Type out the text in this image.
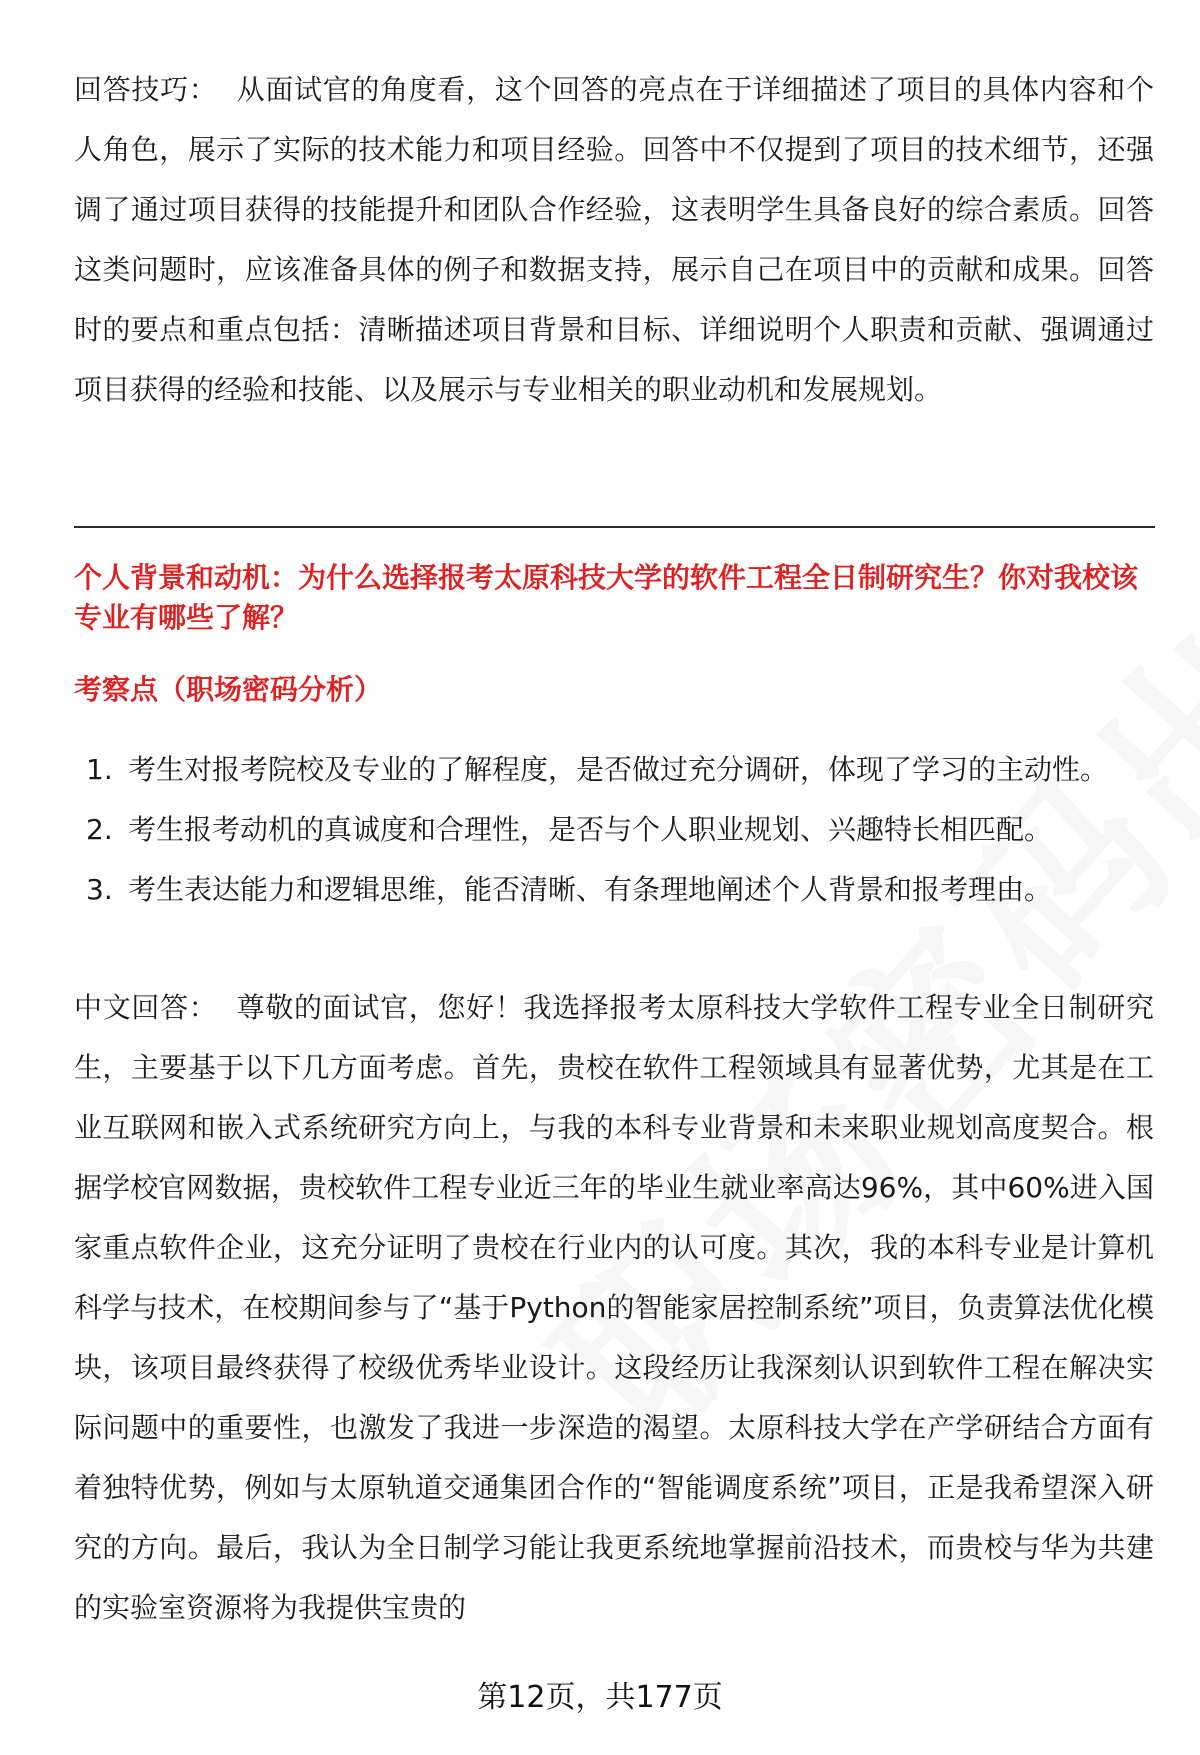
回答技巧： 从面试官的角度看，这个回答的亮点在于详细描述了项目的具体内容和个人角色，展示了实际的技术能力和项目经验。回答中不仅提到了项目的技术细节，还强调了通过项目获得的技能提升和团队合作经验，这表明学生具备良好的综合素质。回答这类问题时，应该准备具体的例子和数据支持，展示自己在项目中的贡献和成果。回答时的要点和重点包括：清晰描述项目背景和目标、详细说明个人职责和贡献、强调通过项目获得的经验和技能、以及展示与专业相关的职业动机和发展规划。

个人背景和动机：为什么选择报考太原科技大学的软件工程全日制研究生？你对我校该专业有哪些了解？

考察点（职场密码分析）

1. 考生对报考院校及专业的了解程度，是否做过充分调研，体现了学习的主动性。
2. 考生报考动机的真诚度和合理性，是否与个人职业规划、兴趣特长相匹配。
3. 考生表达能力和逻辑思维，能否清晰、有条理地阐述个人背景和报考理由。

中文回答： 尊敬的面试官，您好！我选择报考太原科技大学软件工程专业全日制研究生，主要基于以下几方面考虑。首先，贵校在软件工程领域具有显著优势，尤其是在工业互联网和嵌入式系统研究方向上，与我的本科专业背景和未来职业规划高度契合。根据学校官网数据，贵校软件工程专业近三年的毕业生就业率高达96%，其中60%进入国家重点软件企业，这充分证明了贵校在行业内的认可度。其次，我的本科专业是计算机科学与技术，在校期间参与了“基于Python的智能家居控制系统”项目，负责算法优化模块，该项目最终获得了校级优秀毕业设计。这段经历让我深刻认识到软件工程在解决实际问题中的重要性，也激发了我进一步深造的渴望。太原科技大学在产学研结合方面有着独特优势，例如与太原轨道交通集团合作的“智能调度系统”项目，正是我希望深入研究的方向。最后，我认为全日制学习能让我更系统地掌握前沿技术，而贵校与华为共建的实验室资源将为我提供宝贵的

第12页，共177页
